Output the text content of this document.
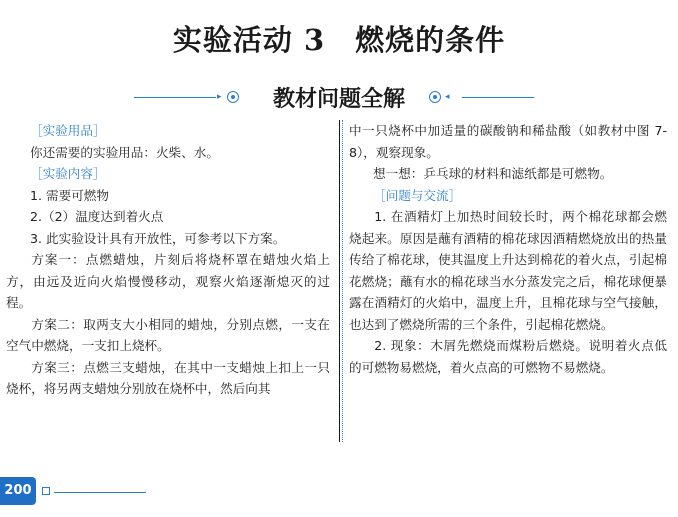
实验活动 3　燃烧的条件
▸	教材问题全解	◂
［实验用品］
你还需要的实验用品：火柴、水。
［实验内容］
1. 需要可燃物
2.（2）温度达到着火点
3. 此实验设计具有开放性，可参考以下方案。
方案一：点燃蜡烛，片刻后将烧杯罩在蜡烛火焰上方，由远及近向火焰慢慢移动，观察火焰逐渐熄灭的过程。
方案二：取两支大小相同的蜡烛，分别点燃，一支在空气中燃烧，一支扣上烧杯。
方案三：点燃三支蜡烛，在其中一支蜡烛上扣上一只烧杯，将另两支蜡烛分别放在烧杯中，然后向其
中一只烧杯中加适量的碳酸钠和稀盐酸（如教材中图 7-8），观察现象。
想一想：乒乓球的材料和滤纸都是可燃物。
［问题与交流］
1. 在酒精灯上加热时间较长时，两个棉花球都会燃烧起来。原因是蘸有酒精的棉花球因酒精燃烧放出的热量传给了棉花球，使其温度上升达到棉花的着火点，引起棉花燃烧；蘸有水的棉花球当水分蒸发完之后，棉花球便暴露在酒精灯的火焰中，温度上升，且棉花球与空气接触，也达到了燃烧所需的三个条件，引起棉花燃烧。
2. 现象：木屑先燃烧而煤粉后燃烧。说明着火点低的可燃物易燃烧，着火点高的可燃物不易燃烧。
200
